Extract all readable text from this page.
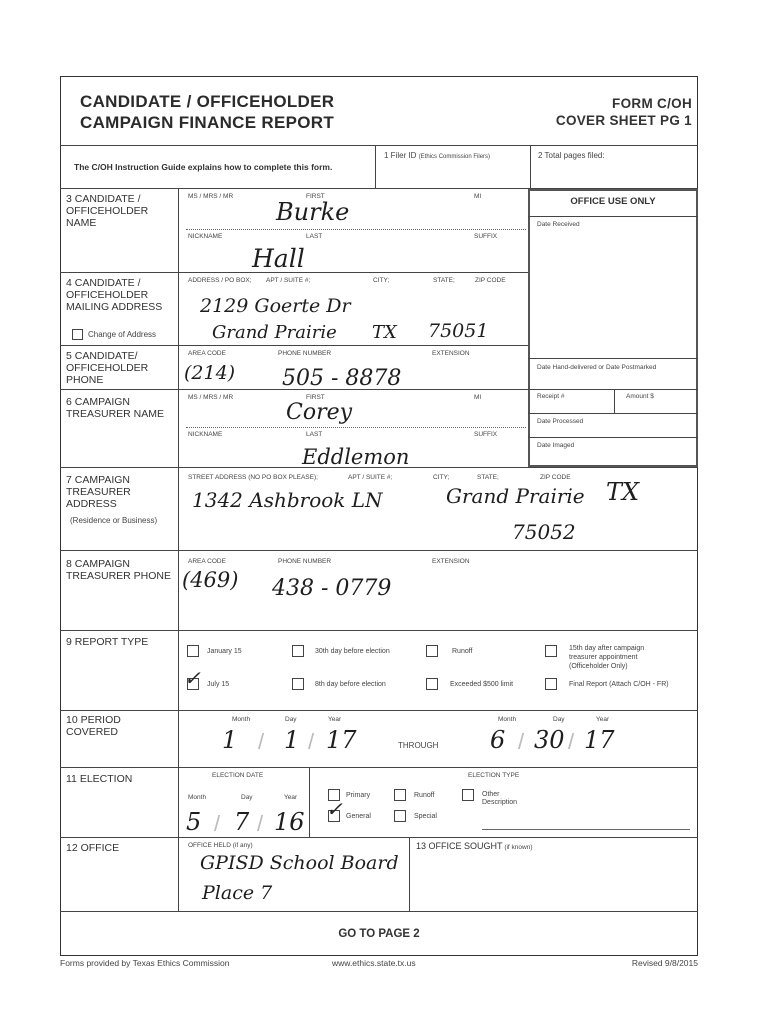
CANDIDATE / OFFICEHOLDER
CAMPAIGN FINANCE REPORT
FORM C/OH
COVER SHEET PG 1
The C/OH Instruction Guide explains how to complete this form.
1 Filer ID (Ethics Commission Filers)	2 Total pages filed:
OFFICE USE ONLY
Date Received
Date Hand-delivered or Date Postmarked
Receipt #	Amount $
Date Processed
Date Imaged
3 CANDIDATE / OFFICEHOLDER NAME
MS / MRS / MR	FIRST	MI
Burke
NICKNAME	LAST	SUFFIX
Hall
4 CANDIDATE / OFFICEHOLDER MAILING ADDRESS
Change of Address
ADDRESS / PO BOX; APT / SUITE #;	CITY;	STATE;	ZIP CODE
2129 Goerte Dr
Grand Prairie TX 75051
5 CANDIDATE/ OFFICEHOLDER PHONE
AREA CODE	PHONE NUMBER	EXTENSION
(214) 505 - 8878
6 CAMPAIGN TREASURER NAME
MS / MRS / MR	FIRST	MI
Corey
NICKNAME	LAST	SUFFIX
Eddlemon
7 CAMPAIGN TREASURER ADDRESS
(Residence or Business)
STREET ADDRESS (NO PO BOX PLEASE);	APT / SUITE #;	CITY;	STATE;	ZIP CODE
1342 Ashbrook LN	Grand Prairie TX
75052
8 CAMPAIGN TREASURER PHONE
AREA CODE	PHONE NUMBER	EXTENSION
(469) 438 - 0779
9 REPORT TYPE
January 15
✓ July 15
30th day before election
8th day before election
Runoff
Exceeded $500 limit
15th day after campaign
treasurer appointment
(Officeholder Only)
Final Report (Attach C/OH - FR)
10 PERIOD COVERED
Month	Day	Year
1 / 1 / 17	THROUGH
Month	Day	Year
6 / 30 / 17
11 ELECTION	ELECTION DATE
Month	Day	Year
5 / 7 / 16
ELECTION TYPE
Primary
✓ General
Runoff
Special
Other
Description
12 OFFICE	OFFICE HELD (if any)
GPISD School Board
Place 7
13 OFFICE SOUGHT (if known)
GO TO PAGE 2
Forms provided by Texas Ethics Commission	www.ethics.state.tx.us	Revised 9/8/2015
